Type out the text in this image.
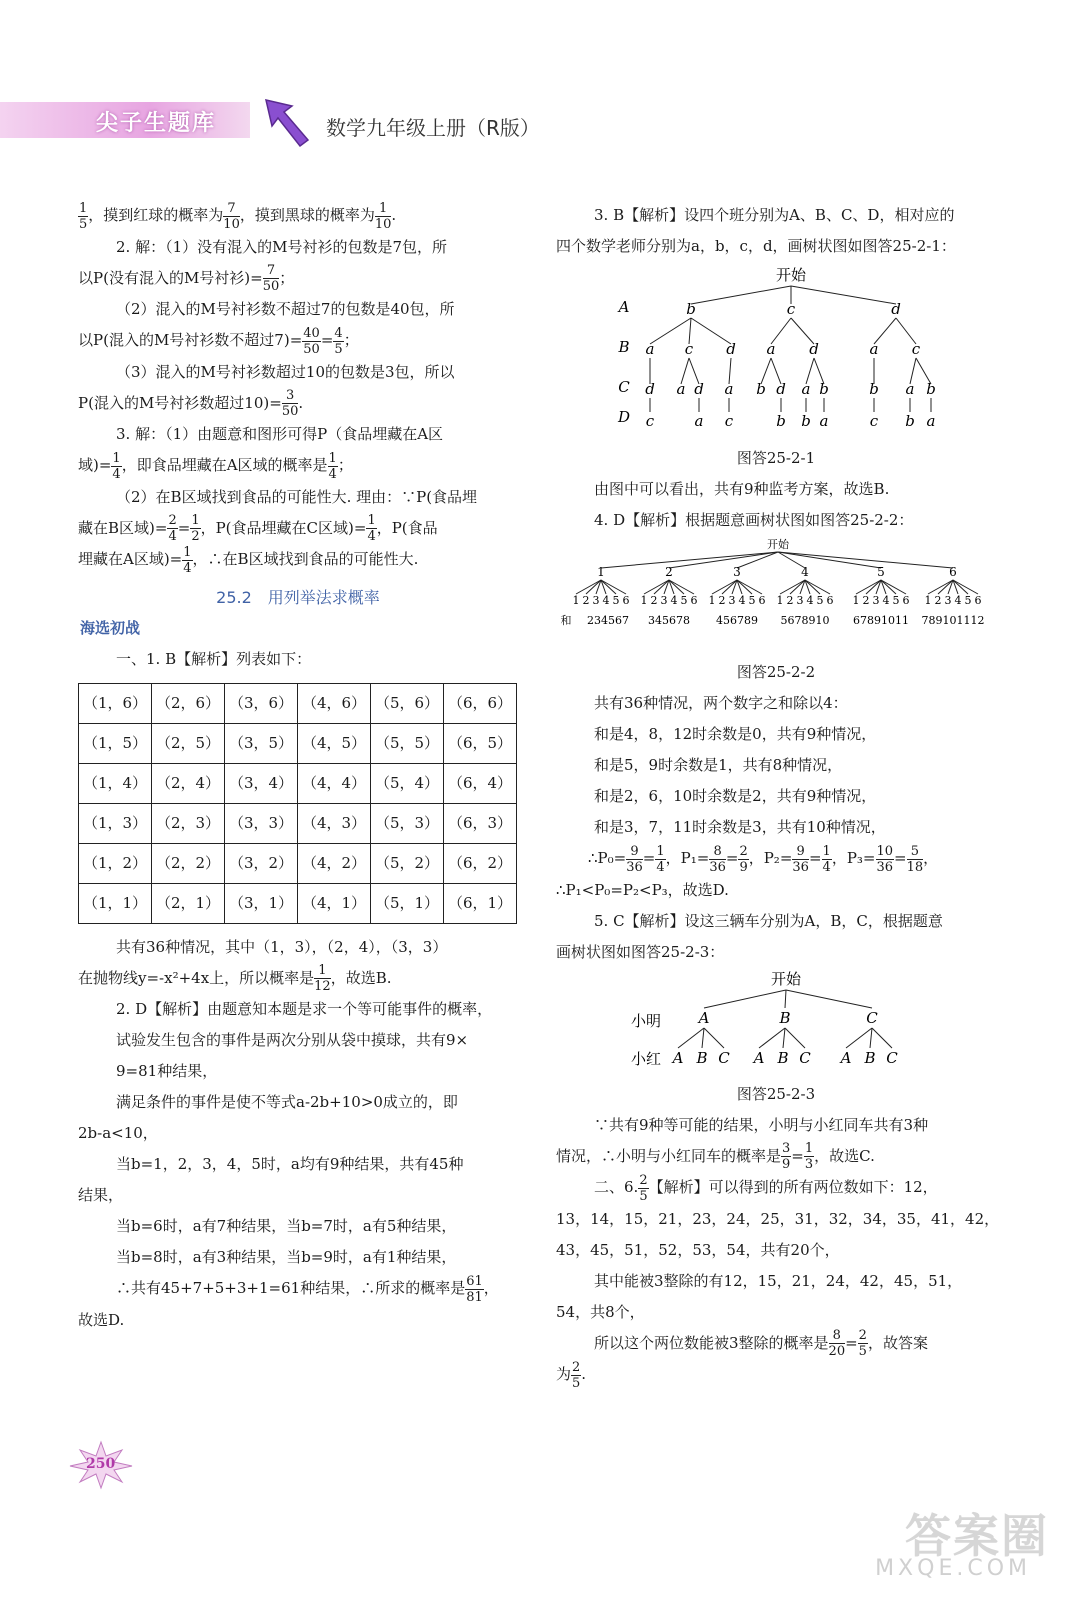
尖子生题库	数学九年级上册（R版）

$\frac{1}{5}$ ，摸到红球的概率为 $\frac{7}{10}$ ，摸到黑球的概率为 $\frac{1}{10}$ .

2. 解：（1）没有混入的M号衬衫的包数是7包，所

以P(没有混入的M号衬衫)= $\frac{7}{50}$ ；

（2）混入的M号衬衫数不超过7的包数是40包，所

以P(混入的M号衬衫数不超过$7)= \frac{40}{50} = \frac{4}{5}$ ；

（3）混入的M号衬衫数超过10的包数是3包，所以

P(混入的M号衬衫数超过$10)= \frac{3}{50}$ .

3. 解：（1）由题意和图形可得P（食品埋藏在A区

域)= $\frac{1}{4}$ ，即食品埋藏在A区域的概率是 $\frac{1}{4}$ ；

（2）在B区域找到食品的可能性大. 理由：∵P(食品埋

藏在B区域)= $\frac{2}{4} = \frac{1}{2}$ ，P(食品埋藏在C区域)= $\frac{1}{4}$ ，P(食品

埋藏在A区域)= $\frac{1}{4}$ ，∴在B区域找到食品的可能性大.

25.2　用列举法求概率

海选初战

一、1. B【解析】列表如下：

（1，6）	（2，6）	（3，6）	（4，6）	（5，6）	（6，6）
（1，5）	（2，5）	（3，5）	（4，5）	（5，5）	（6，5）
（1，4）	（2，4）	（3，4）	（4，4）	（5，4）	（6，4）
（1，3）	（2，3）	（3，3）	（4，3）	（5，3）	（6，3）
（1，2）	（2，2）	（3，2）	（4，2）	（5，2）	（6，2）
（1，1）	（2，1）	（3，1）	（4，1）	（5，1）	（6，1）

共有36种情况，其中（1，3），（2，4），（3，3）

在抛物线y=-x²+4x上，所以概率是 $\frac{1}{12}$ ，故选B.

2. D【解析】由题意知本题是求一个等可能事件的概率，

试验发生包含的事件是两次分别从袋中摸球，共有9×

9=81种结果，

满足条件的事件是使不等式a-2b+10>0成立的，即

2b-a<10，

当b=1，2，3，4，5时，a均有9种结果，共有45种

结果，

当b=6时，a有7种结果，当b=7时，a有5种结果，

当b=8时，a有3种结果，当b=9时，a有1种结果，

∴共有45+7+5+3+1=61种结果，∴所求的概率是 $\frac{61}{81}$ ，

故选D.

3. B【解析】设四个班分别为A、B、C、D，相对应的

四个数学老师分别为a，b，c，d，画树状图如图答25-2-1：

开始
A
B
C
D
b	c	d
a c d a d	a c
d a d a b d a b	b a b
c	a c	b b a	c b a

图答25-2-1

由图中可以看出，共有9种监考方案，故选B.

4. D【解析】根据题意画树状图如图答25-2-2：

开始
1	2	3	4	5	6
1 2 3 4 5 6 1 2 3 4 5 6 1 2 3 4 5 6 1 2 3 4 5 6 1 2 3 4 5 6 1 2 3 4 5 6
和 234567 345678 456789 5678910 67891011 789101112

图答25-2-2

共有36种情况，两个数字之和除以4：

和是4，8，12时余数是0，共有9种情况，

和是5，9时余数是1，共有8种情况，

和是2，6，10时余数是2，共有9种情况，

和是3，7，11时余数是3，共有10种情况，

∴P₀= $\frac{9}{36} = \frac{1}{4}$ ，$P_1= \frac{8}{36} = \frac{2}{9}$ ，$P_2= \frac{9}{36} = \frac{1}{4}$ ，$P_3= \frac{10}{36} = \frac{5}{18}$ ，

∴P₁<P₀=P₂<P₃，故选D.

5. C【解析】设这三辆车分别为A，B，C，根据题意

画树状图如图答25-2-3：

开始
小明
小红
A	B	C
A B C A B C A B C

图答25-2-3

∵共有9种等可能的结果，小明与小红同车共有3种

情况，∴小明与小红同车的概率是 $\frac{3}{9} = \frac{1}{3}$ ，故选C.

二、6. $\frac{2}{5}$ 【解析】可以得到的所有两位数如下：12，

13，14，15，21，23，24，25，31，32，34，35，41，42，

43，45，51，52，53，54，共有20个，

其中能被3整除的有12，15，21，24，42，45，51，

54，共8个，

所以这个两位数能被3整除的概率是 $\frac{8}{20} = \frac{2}{5}$ ，故答案

为 $\frac{2}{5}$ .

250
答案圈
MXQE.COM
